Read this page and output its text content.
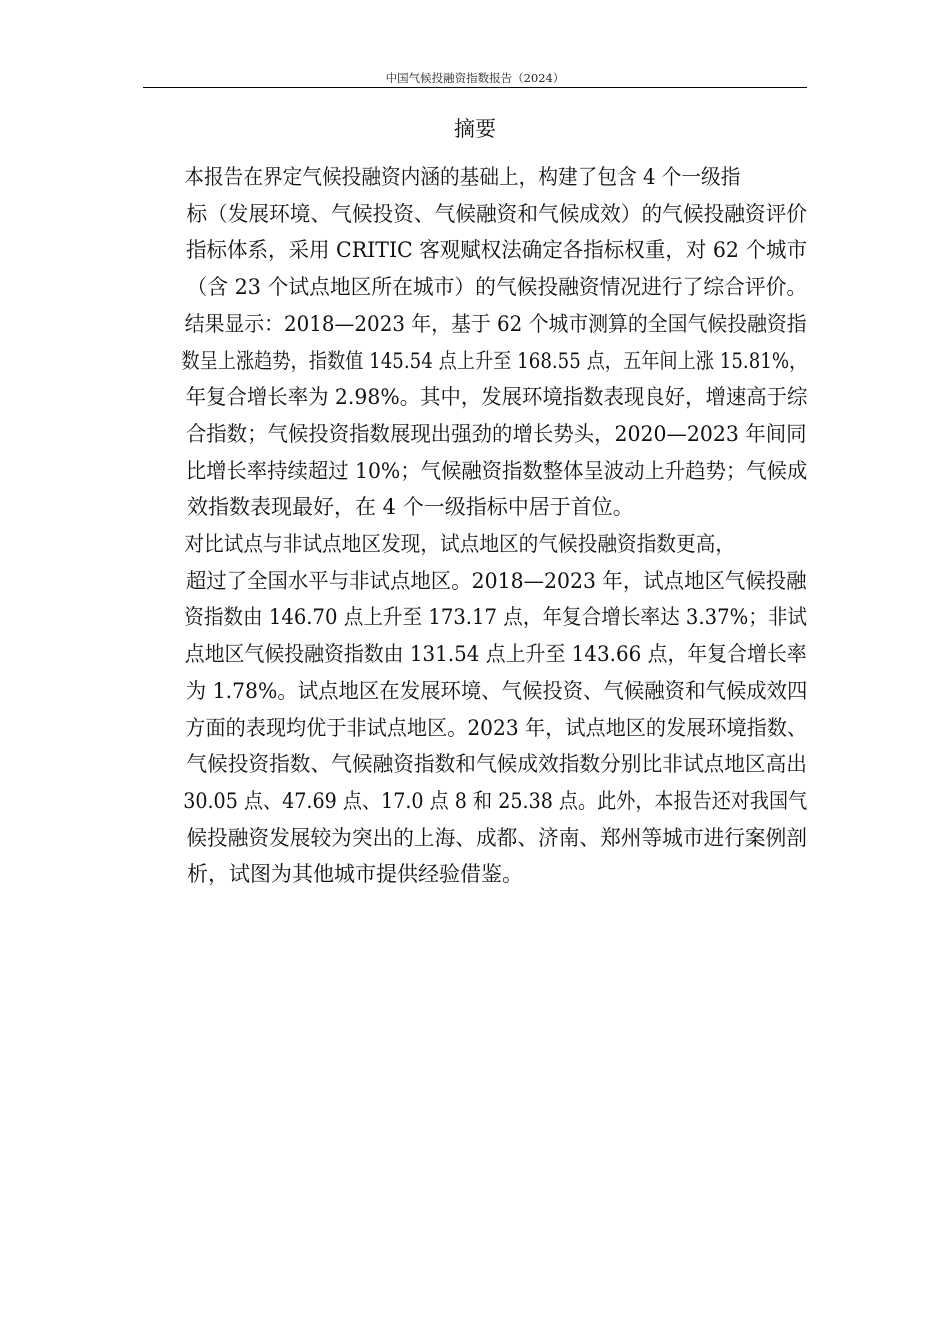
中国气候投融资指数报告（2024）
摘要

本报告在界定气候投融资内涵的基础上，构建了包含 4 个一级指
标（发展环境、气候投资、气候融资和气候成效）的气候投融资评价
指标体系，采用 CRITIC 客观赋权法确定各指标权重，对 62 个城市
（含 23 个试点地区所在城市）的气候投融资情况进行了综合评价。
结果显示：2018—2023 年，基于 62 个城市测算的全国气候投融资指
数呈上涨趋势，指数值 145.54 点上升至 168.55 点，五年间上涨 15.81%，
年复合增长率为 2.98%。其中，发展环境指数表现良好，增速高于综
合指数；气候投资指数展现出强劲的增长势头，2020—2023 年间同
比增长率持续超过 10%；气候融资指数整体呈波动上升趋势；气候成
效指数表现最好，在 4 个一级指标中居于首位。

对比试点与非试点地区发现，试点地区的气候投融资指数更高，
超过了全国水平与非试点地区。2018—2023 年，试点地区气候投融
资指数由 146.70 点上升至 173.17 点，年复合增长率达 3.37%；非试
点地区气候投融资指数由 131.54 点上升至 143.66 点，年复合增长率
为 1.78%。试点地区在发展环境、气候投资、气候融资和气候成效四
方面的表现均优于非试点地区。2023 年，试点地区的发展环境指数、
气候投资指数、气候融资指数和气候成效指数分别比非试点地区高出
30.05 点、47.69 点、17.0 点 8 和 25.38 点。此外，本报告还对我国气
候投融资发展较为突出的上海、成都、济南、郑州等城市进行案例剖
析，试图为其他城市提供经验借鉴。
